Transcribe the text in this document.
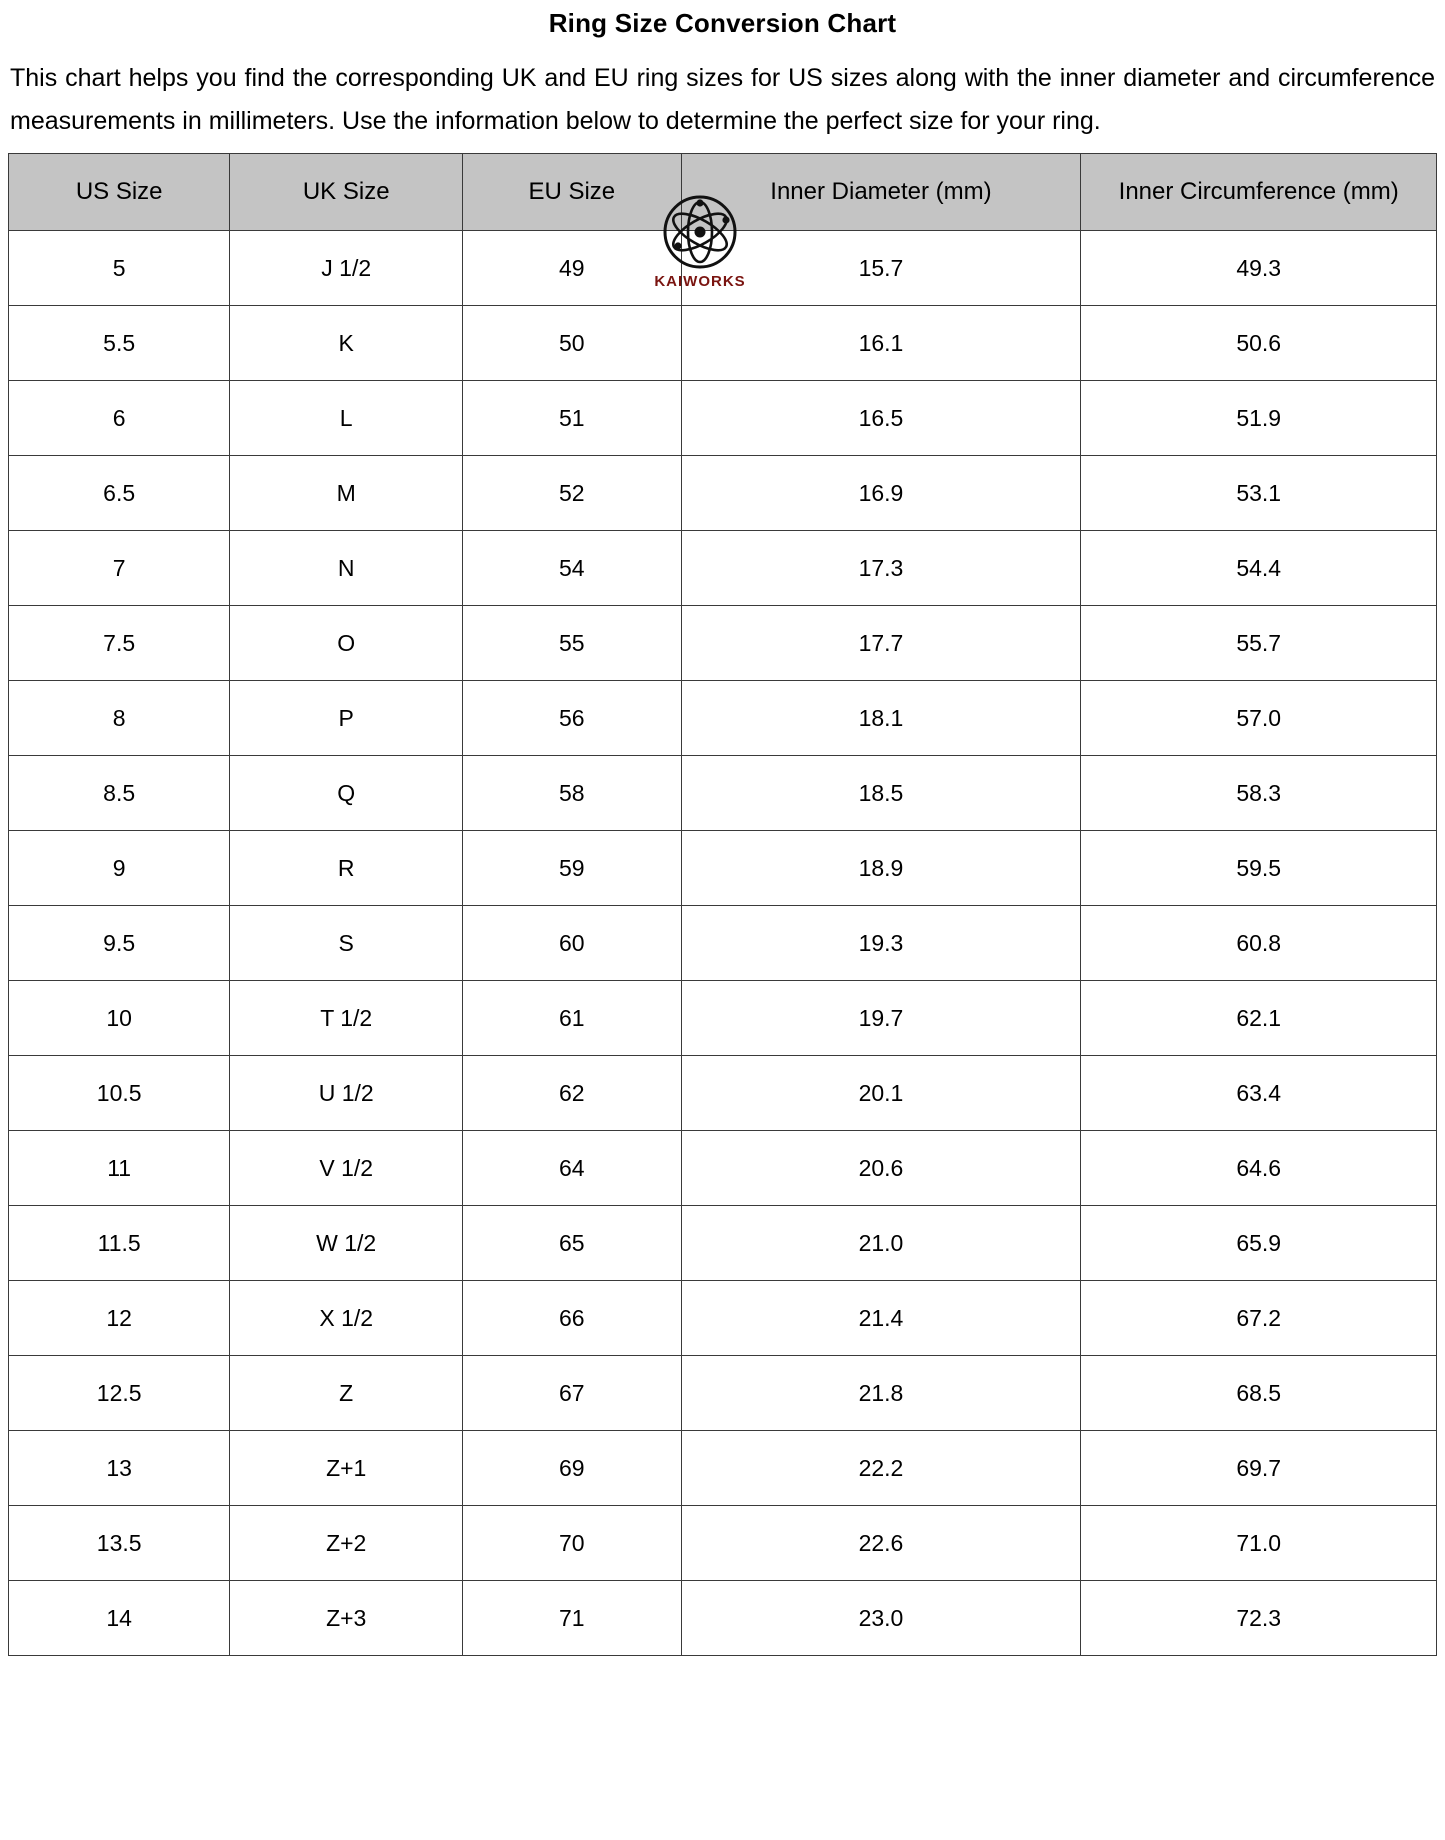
Ring Size Conversion Chart

This chart helps you find the corresponding UK and EU ring sizes for US sizes along with the inner diameter and circumference measurements in millimeters. Use the information below to determine the perfect size for your ring.

KAIWORKS
US Size	UK Size	EU Size	Inner Diameter (mm)	Inner Circumference (mm)
5	J 1/2	49	15.7	49.3
5.5	K	50	16.1	50.6
6	L	51	16.5	51.9
6.5	M	52	16.9	53.1
7	N	54	17.3	54.4
7.5	O	55	17.7	55.7
8	P	56	18.1	57.0
8.5	Q	58	18.5	58.3
9	R	59	18.9	59.5
9.5	S	60	19.3	60.8
10	T 1/2	61	19.7	62.1
10.5	U 1/2	62	20.1	63.4
11	V 1/2	64	20.6	64.6
11.5	W 1/2	65	21.0	65.9
12	X 1/2	66	21.4	67.2
12.5	Z	67	21.8	68.5
13	Z+1	69	22.2	69.7
13.5	Z+2	70	22.6	71.0
14	Z+3	71	23.0	72.3
